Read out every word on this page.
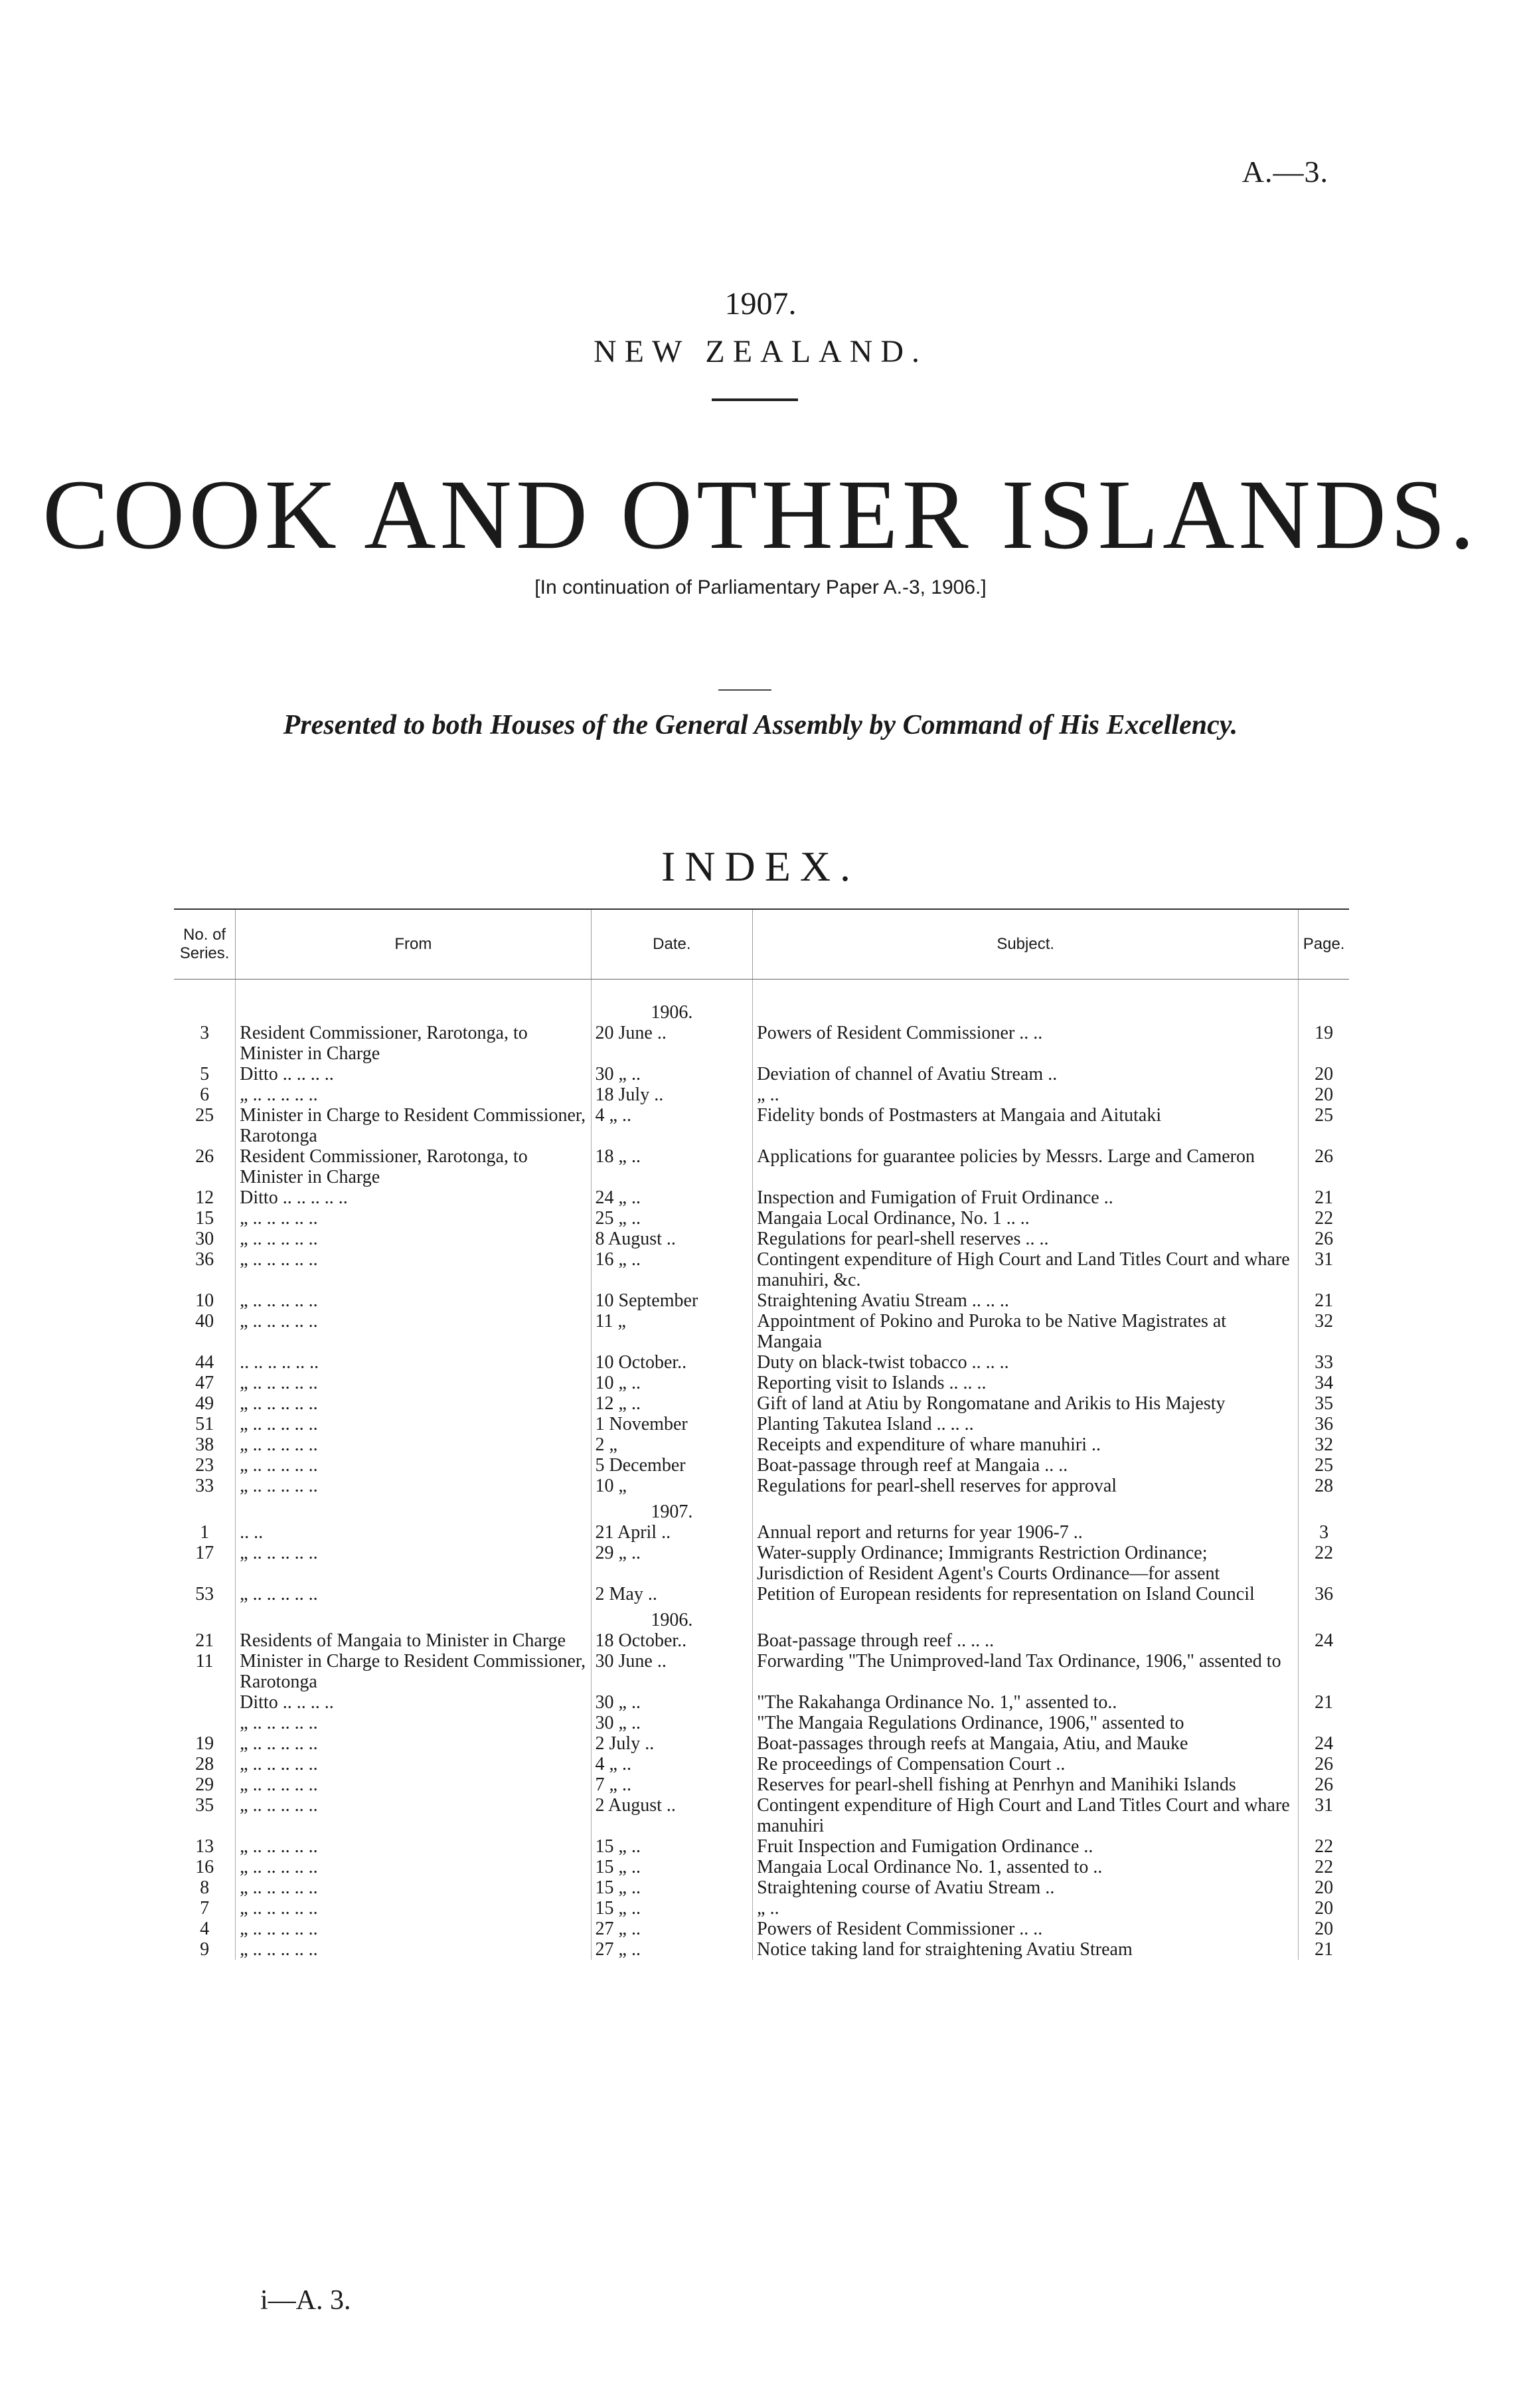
A.—3.
1907.
NEW ZEALAND.
COOK AND OTHER ISLANDS.
[In continuation of Parliamentary Paper A.-3, 1906.]
Presented to both Houses of the General Assembly by Command of His Excellency.
INDEX.
No. of Series.	From	Date.	Subject.	Page.

		1906.		
3	Resident Commissioner, Rarotonga, to Minister in Charge	20 June ..	Powers of Resident Commissioner .. ..	19
5	Ditto .. .. .. ..	30 „ ..	Deviation of channel of Avatiu Stream ..	20
6	„ .. .. .. .. ..	18 July ..	„ ..	20
25	Minister in Charge to Resident Commissioner, Rarotonga	4 „ ..	Fidelity bonds of Postmasters at Mangaia and Aitutaki	25
26	Resident Commissioner, Rarotonga, to Minister in Charge	18 „ ..	Applications for guarantee policies by Messrs. Large and Cameron	26
12	Ditto .. .. .. .. ..	24 „ ..	Inspection and Fumigation of Fruit Ordinance ..	21
15	„ .. .. .. .. ..	25 „ ..	Mangaia Local Ordinance, No. 1 .. ..	22
30	„ .. .. .. .. ..	8 August ..	Regulations for pearl-shell reserves .. ..	26
36	„ .. .. .. .. ..	16 „ ..	Contingent expenditure of High Court and Land Titles Court and whare manuhiri, &c.	31
10	„ .. .. .. .. ..	10 September	Straightening Avatiu Stream .. .. ..	21
40	„ .. .. .. .. ..	11 „	Appointment of Pokino and Puroka to be Native Magistrates at Mangaia	32
44	.. .. .. .. .. ..	10 October..	Duty on black-twist tobacco .. .. ..	33
47	„ .. .. .. .. ..	10 „ ..	Reporting visit to Islands .. .. ..	34
49	„ .. .. .. .. ..	12 „ ..	Gift of land at Atiu by Rongomatane and Arikis to His Majesty	35
51	„ .. .. .. .. ..	1 November	Planting Takutea Island .. .. ..	36
38	„ .. .. .. .. ..	2 „	Receipts and expenditure of whare manuhiri ..	32
23	„ .. .. .. .. ..	5 December	Boat-passage through reef at Mangaia .. ..	25
33	„ .. .. .. .. ..	10 „	Regulations for pearl-shell reserves for approval	28
		1907.		
1	.. ..	21 April ..	Annual report and returns for year 1906-7 ..	3
17	„ .. .. .. .. ..	29 „ ..	Water-supply Ordinance; Immigrants Restriction Ordinance; Jurisdiction of Resident Agent's Courts Ordinance—for assent	22
53	„ .. .. .. .. ..	2 May ..	Petition of European residents for representation on Island Council	36
		1906.		
21	Residents of Mangaia to Minister in Charge	18 October..	Boat-passage through reef .. .. ..	24
11	Minister in Charge to Resident Commissioner, Rarotonga	30 June ..	Forwarding "The Unimproved-land Tax Ordinance, 1906," assented to	
	Ditto .. .. .. ..	30 „ ..	"The Rakahanga Ordinance No. 1," assented to..	21
	„ .. .. .. .. ..	30 „ ..	"The Mangaia Regulations Ordinance, 1906," assented to	
19	„ .. .. .. .. ..	2 July ..	Boat-passages through reefs at Mangaia, Atiu, and Mauke	24
28	„ .. .. .. .. ..	4 „ ..	Re proceedings of Compensation Court ..	26
29	„ .. .. .. .. ..	7 „ ..	Reserves for pearl-shell fishing at Penrhyn and Manihiki Islands	26
35	„ .. .. .. .. ..	2 August ..	Contingent expenditure of High Court and Land Titles Court and whare manuhiri	31
13	„ .. .. .. .. ..	15 „ ..	Fruit Inspection and Fumigation Ordinance ..	22
16	„ .. .. .. .. ..	15 „ ..	Mangaia Local Ordinance No. 1, assented to ..	22
8	„ .. .. .. .. ..	15 „ ..	Straightening course of Avatiu Stream ..	20
7	„ .. .. .. .. ..	15 „ ..	„ ..	20
4	„ .. .. .. .. ..	27 „ ..	Powers of Resident Commissioner .. ..	20
9	„ .. .. .. .. ..	27 „ ..	Notice taking land for straightening Avatiu Stream	21
i—A. 3.
